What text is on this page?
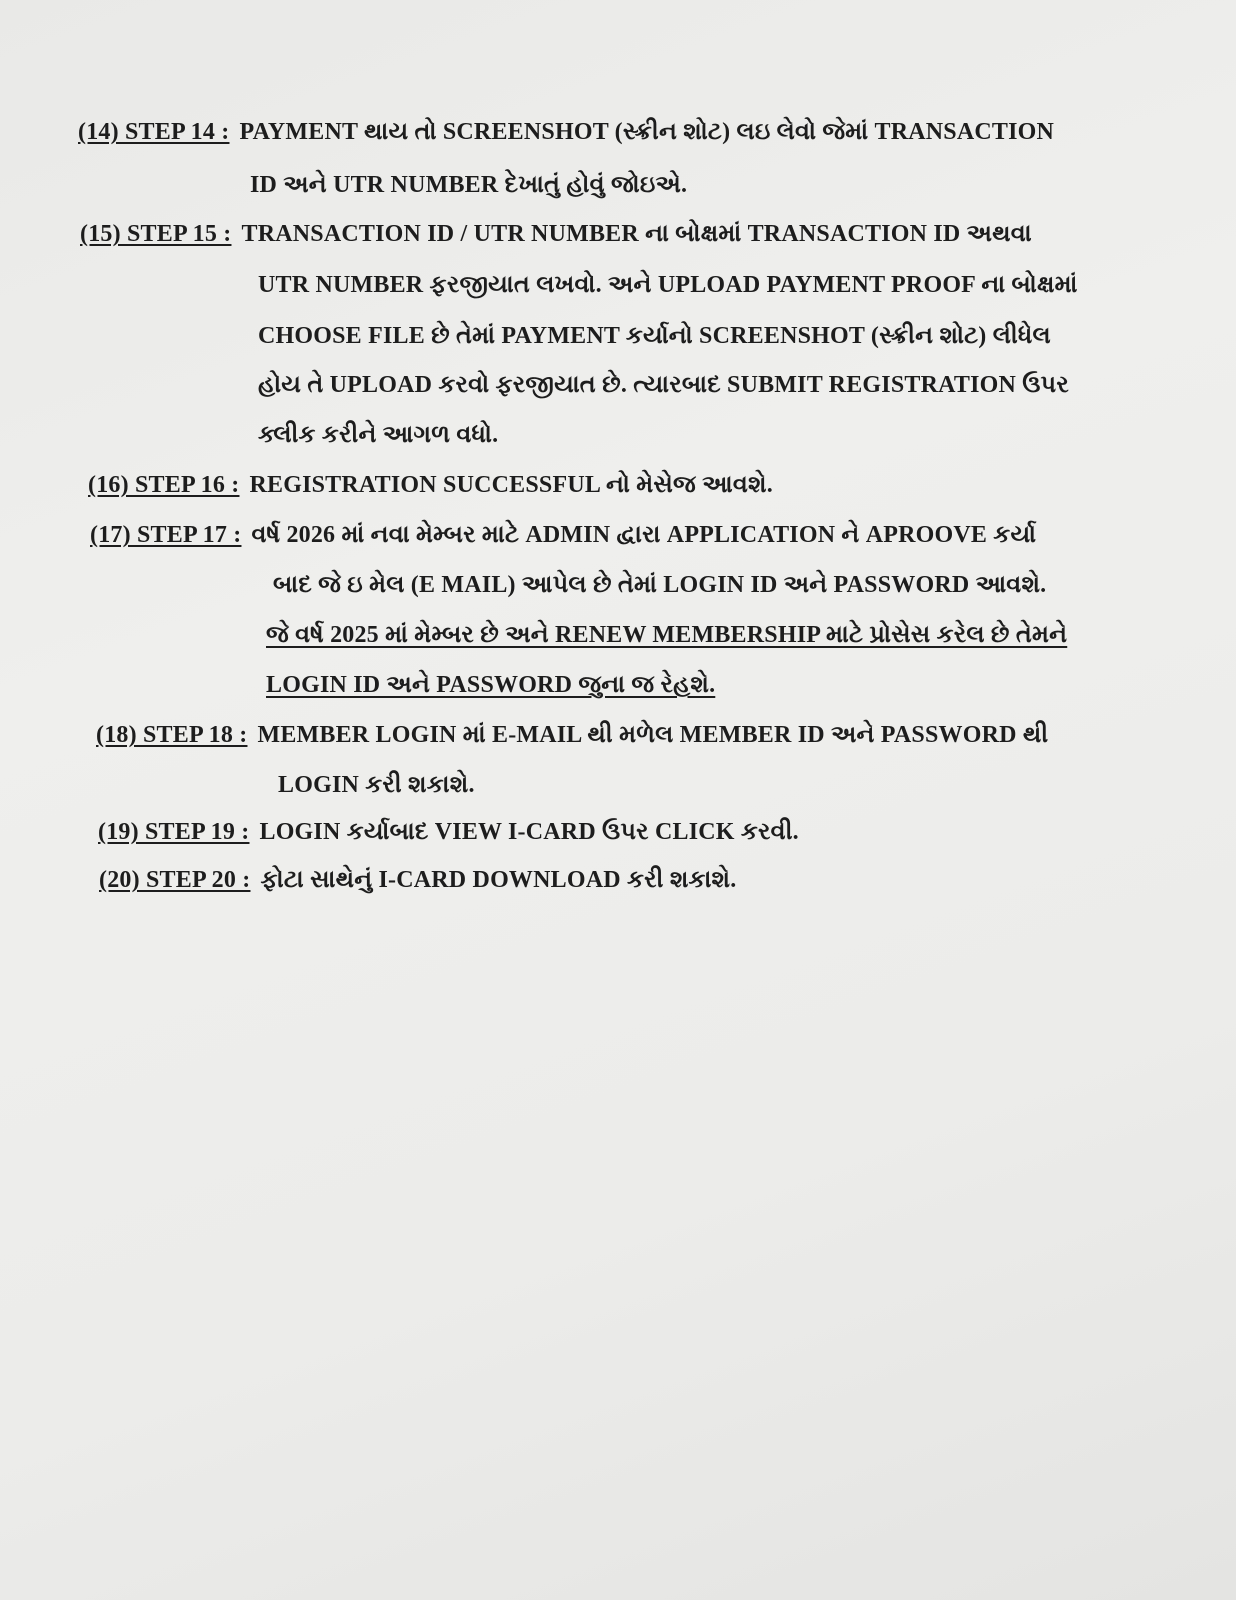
(14) STEP 14 : PAYMENT થાય તો SCREENSHOT (સ્ક્રીન શોટ) લઇ લેવો જેમાં TRANSACTION
ID અને UTR NUMBER દેખાતું હોવું જોઇએ.
(15) STEP 15 : TRANSACTION ID / UTR NUMBER ના બોક્ષમાં TRANSACTION ID અથવા
UTR NUMBER ફરજીયાત લખવો. અને UPLOAD PAYMENT PROOF ના બોક્ષમાં
CHOOSE FILE છે તેમાં PAYMENT કર્યાનો SCREENSHOT (સ્ક્રીન શોટ) લીધેલ
હોય તે UPLOAD કરવો ફરજીયાત છે. ત્યારબાદ SUBMIT REGISTRATION ઉપર
ક્લીક કરીને આગળ વધો.
(16) STEP 16 : REGISTRATION SUCCESSFUL નો મેસેજ આવશે.
(17) STEP 17 : વર્ષ 2026 માં નવા મેમ્બર માટે ADMIN દ્વારા APPLICATION ને APROOVE કર્યા
બાદ જે ઇ મેલ (E MAIL) આપેલ છે તેમાં LOGIN ID અને PASSWORD આવશે.
જે વર્ષ 2025 માં મેમ્બર છે અને RENEW MEMBERSHIP માટે પ્રોસેસ કરેલ છે તેમને
LOGIN ID અને PASSWORD જુના જ રેહશે.
(18) STEP 18 : MEMBER LOGIN માં E-MAIL થી મળેલ MEMBER ID અને PASSWORD થી
LOGIN કરી શકાશે.
(19) STEP 19 : LOGIN કર્યાબાદ VIEW I-CARD ઉપર CLICK કરવી.
(20) STEP 20 : ફોટા સાથેનું I-CARD DOWNLOAD કરી શકાશે.
